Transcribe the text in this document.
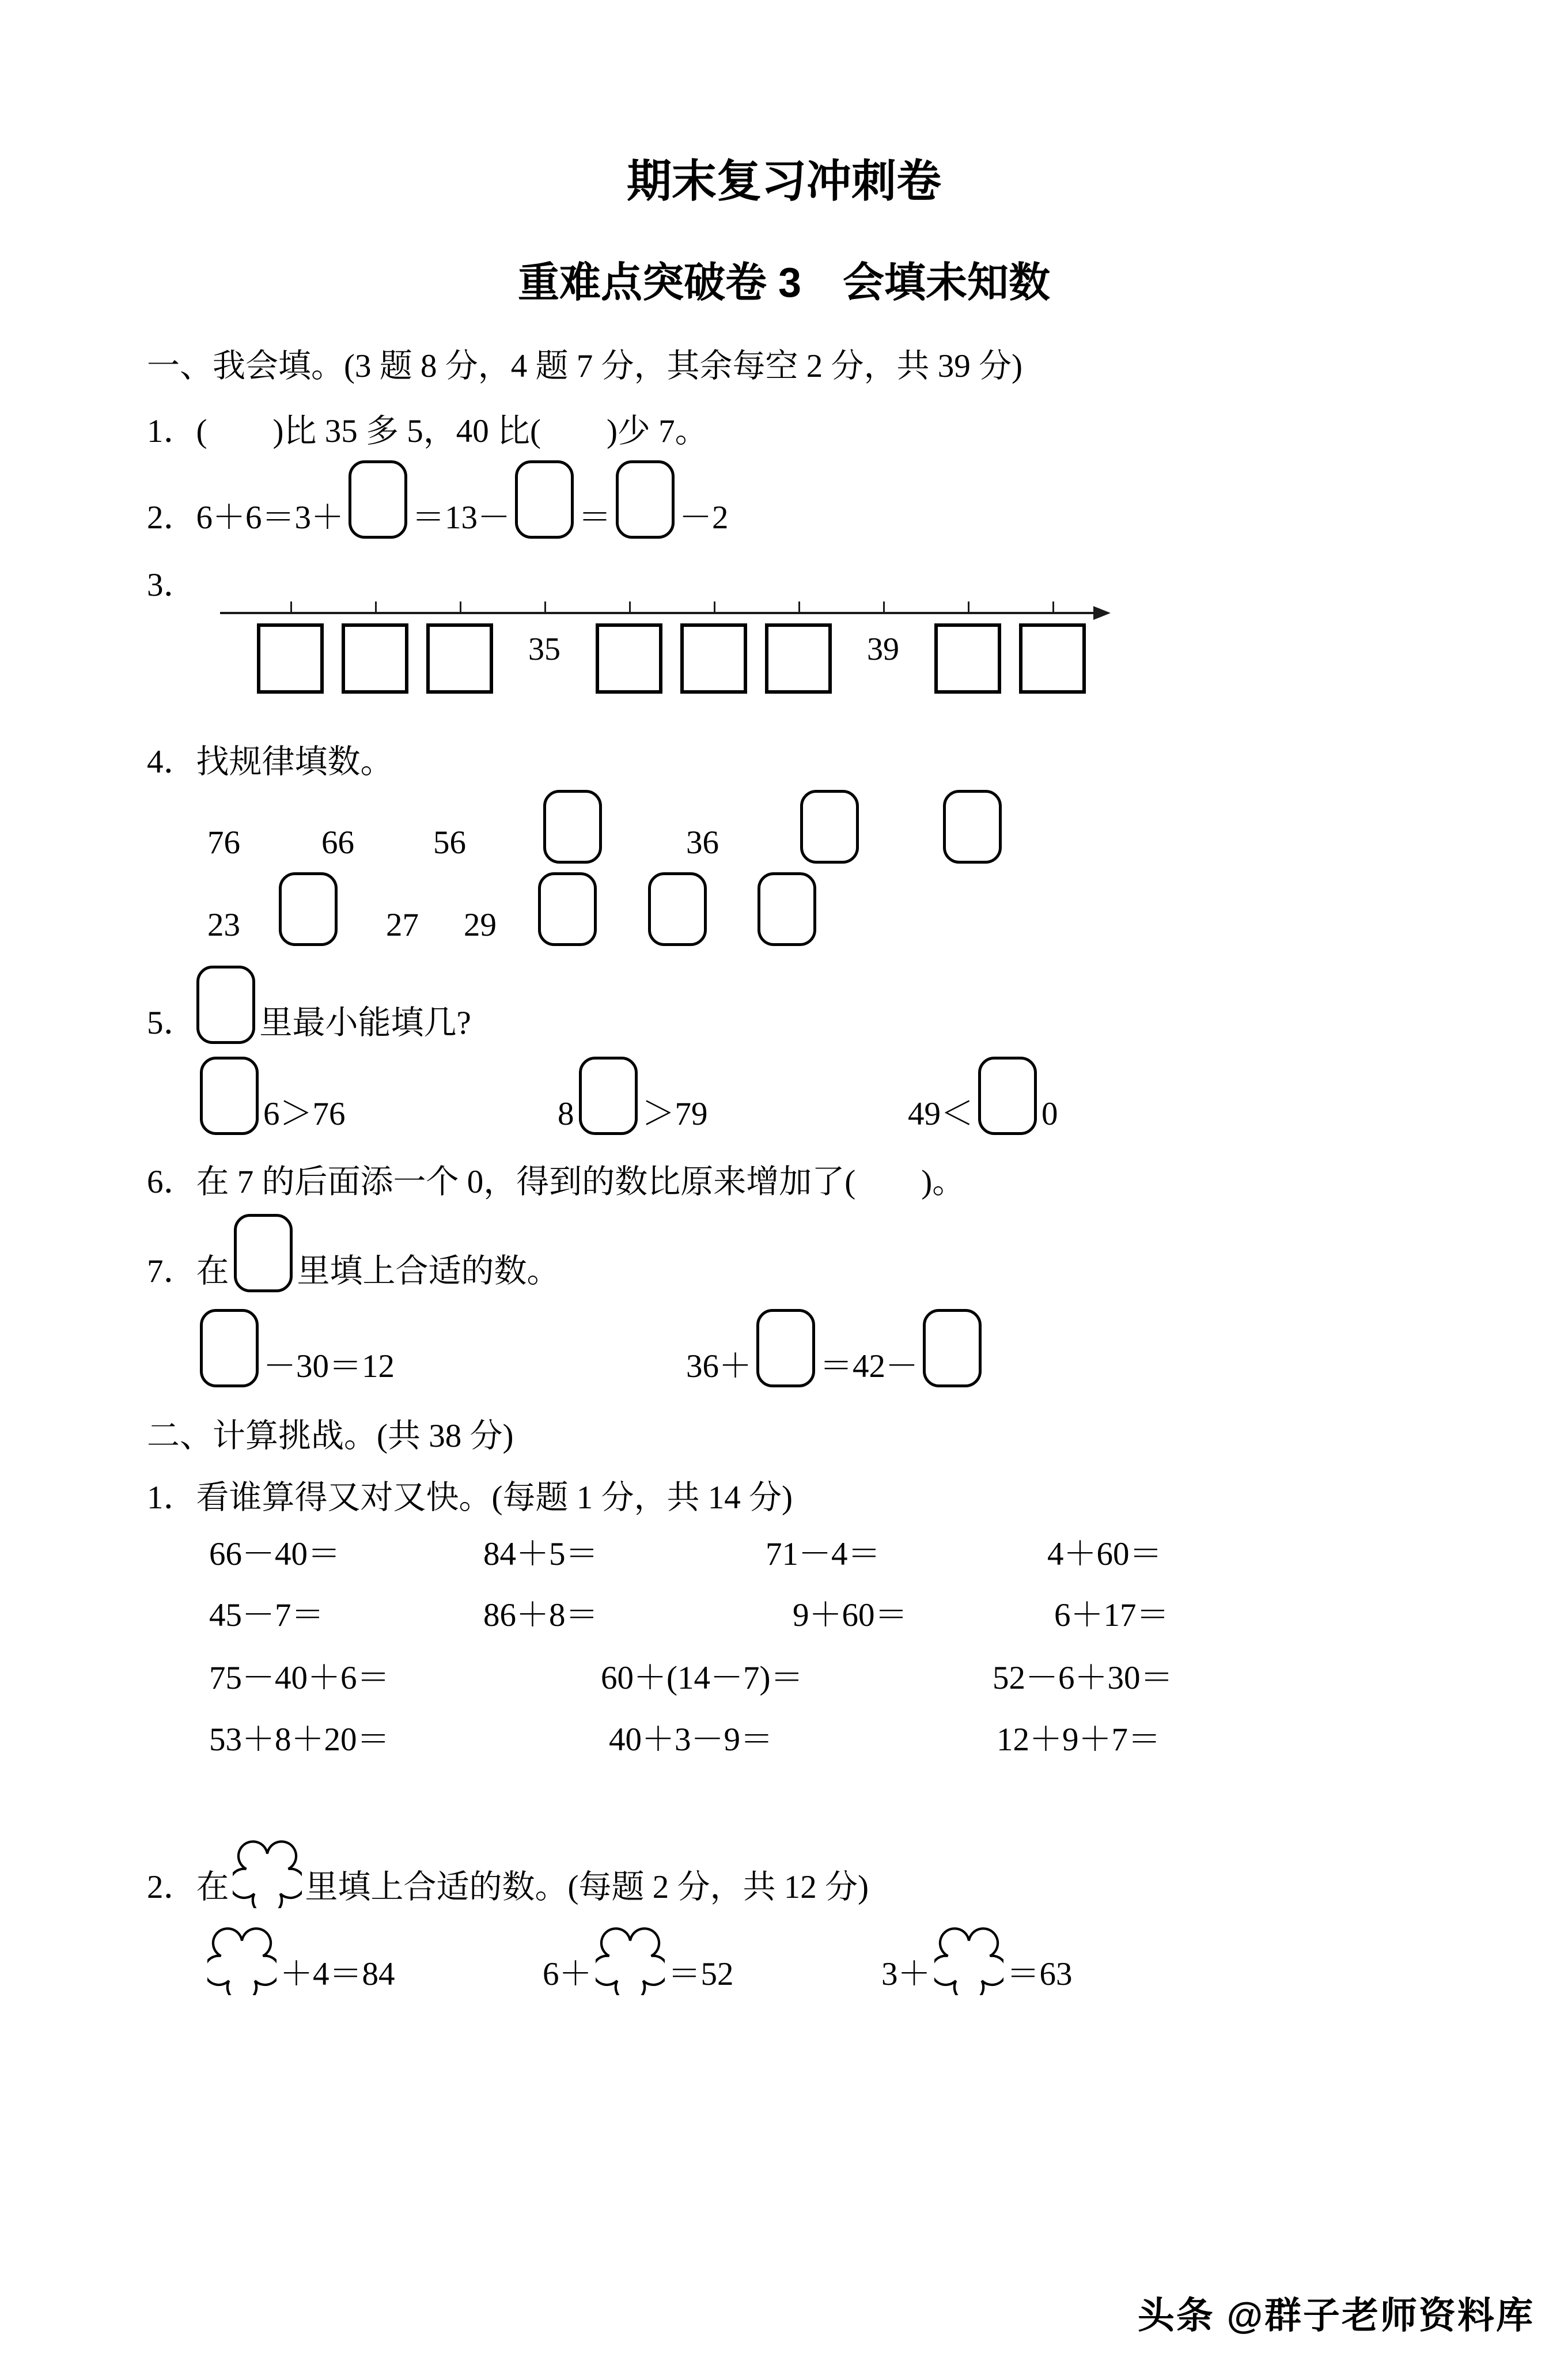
期末复习冲刺卷
重难点突破卷 3　会填未知数
一、我会填。(3 题 8 分，4 题 7 分，其余每空 2 分，共 39 分)
1．(　　)比 35 多 5，40 比(　　)少 7。
2． 6＋6＝3＋ ＝13－ ＝ －2
3．
35	39
4．找规律填数。
76 66 56	36
23	27 29
5． 里最小能填几?
6＞76	8 ＞79	49＜ 0
6．在 7 的后面添一个 0，得到的数比原来增加了(　　)。
7． 在 里填上合适的数。
－30＝12	36＋ ＝42－
二、计算挑战。(共 38 分)
1．看谁算得又对又快。(每题 1 分，共 14 分)
66－40＝	84＋5＝	71－4＝	4＋60＝
45－7＝	86＋8＝	9＋60＝	6＋17＝
75－40＋6＝	60＋(14－7)＝	52－6＋30＝
53＋8＋20＝	40＋3－9＝	12＋9＋7＝
2． 在 里填上合适的数。(每题 2 分，共 12 分)
＋4＝84	6＋ ＝52	3＋ ＝63
头条 @群子老师资料库
